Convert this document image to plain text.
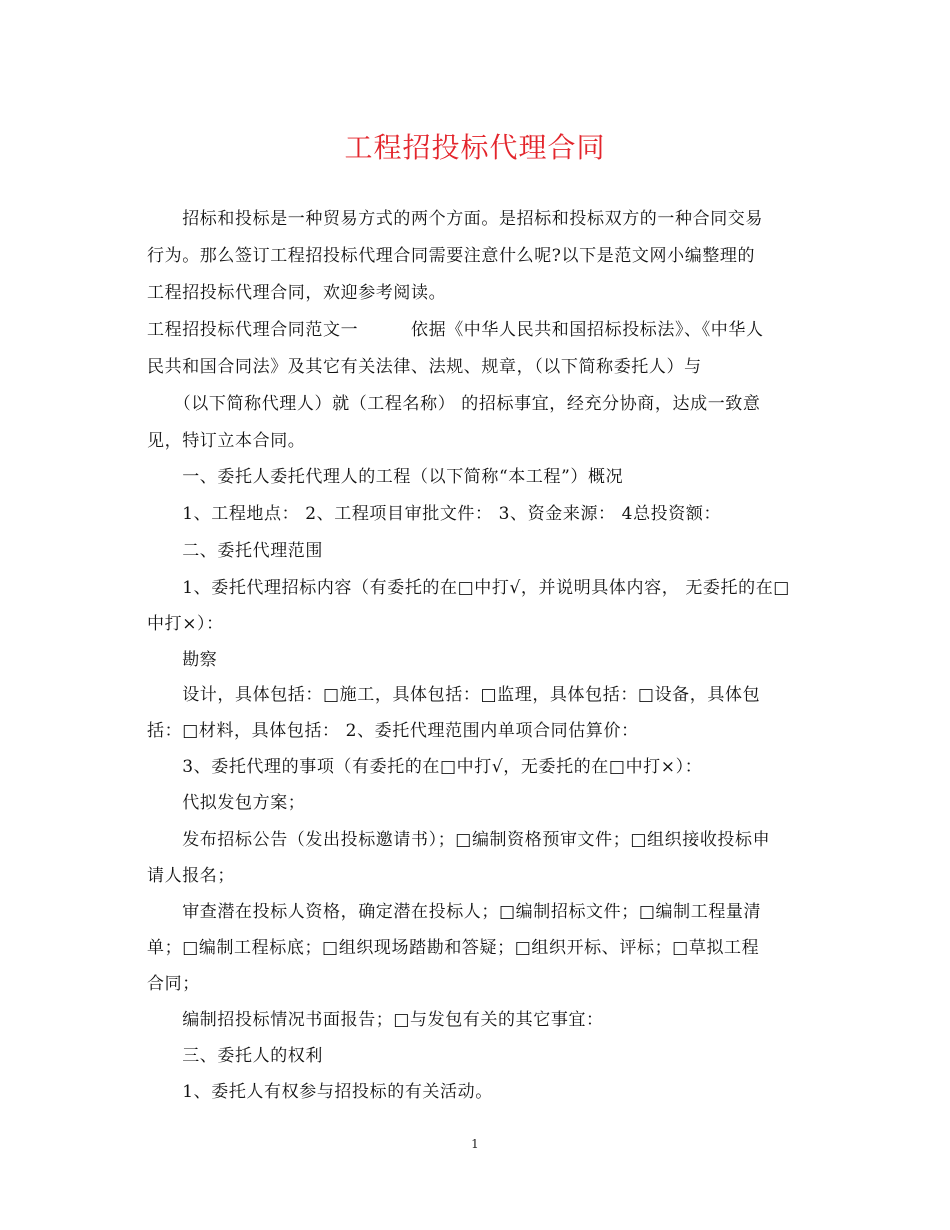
工程招投标代理合同
　　招标和投标是一种贸易方式的两个方面。是招标和投标双方的一种合同交易
行为。那么签订工程招投标代理合同需要注意什么呢?以下是范文网小编整理的
工程招投标代理合同，欢迎参考阅读。
工程招投标代理合同范文一　　　依据《中华人民共和国招标投标法》、《中华人
民共和国合同法》及其它有关法律、法规、规章，（以下简称委托人）与
　　（以下简称代理人）就（工程名称） 的招标事宜，经充分协商，达成一致意
见，特订立本合同。
　　一、委托人委托代理人的工程（以下简称“本工程”）概况
　　1、工程地点： 2、工程项目审批文件： 3、资金来源： 4总投资额：
　　二、委托代理范围
　　1、委托代理招标内容（有委托的在□中打√，并说明具体内容， 无委托的在□
中打×）：
　　勘察
　　设计，具体包括：□施工，具体包括：□监理，具体包括：□设备，具体包
括：□材料，具体包括： 2、委托代理范围内单项合同估算价：
　　3、委托代理的事项（有委托的在□中打√，无委托的在□中打×）：
　　代拟发包方案；
　　发布招标公告（发出投标邀请书）；□编制资格预审文件；□组织接收投标申
请人报名；
　　审查潜在投标人资格，确定潜在投标人；□编制招标文件；□编制工程量清
单；□编制工程标底；□组织现场踏勘和答疑；□组织开标、评标；□草拟工程
合同；
　　编制招投标情况书面报告；□与发包有关的其它事宜：
　　三、委托人的权利
　　1、委托人有权参与招投标的有关活动。
1
